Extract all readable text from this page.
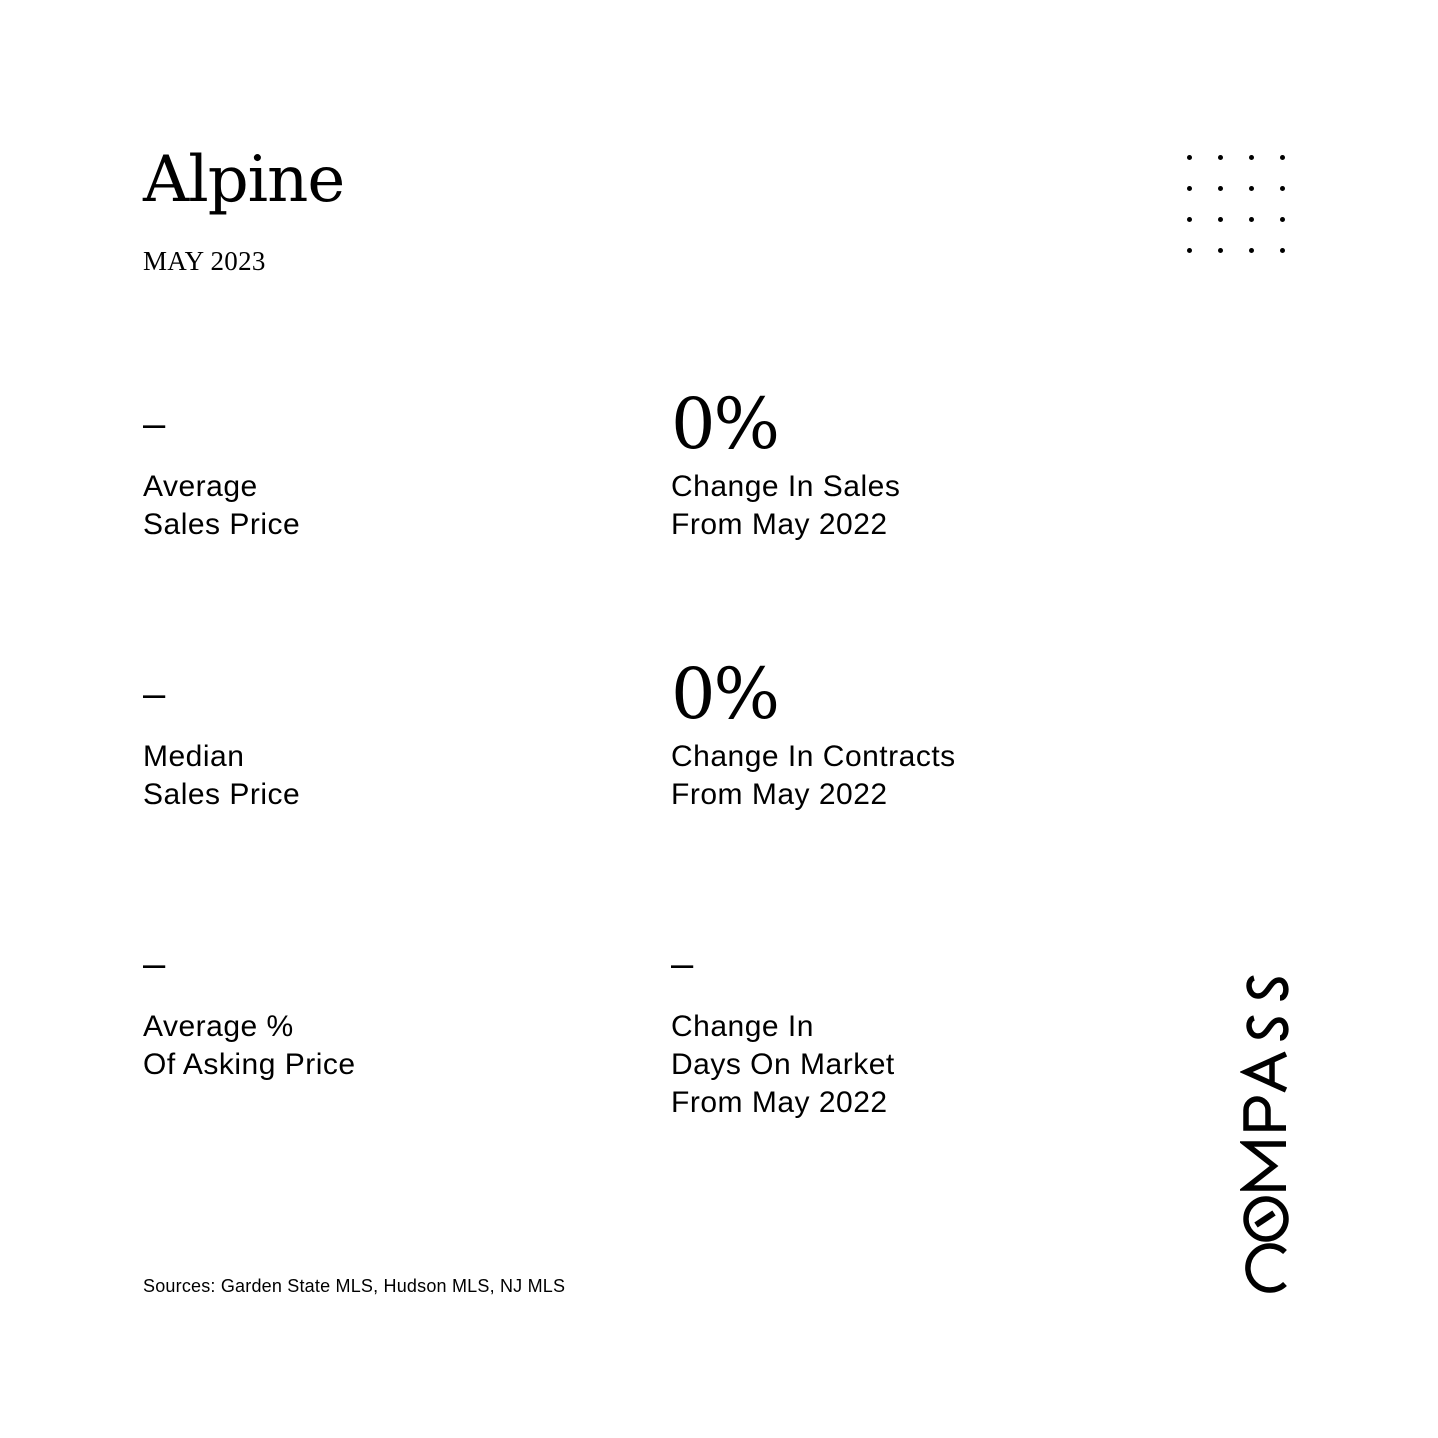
Alpine

MAY 2023

–
Average
Sales Price
0%
Change In Sales
From May 2022
–
Median
Sales Price
0%
Change In Contracts
From May 2022
–
Average %
Of Asking Price
–
Change In
Days On Market
From May 2022

Sources: Garden State MLS, Hudson MLS, NJ MLS
